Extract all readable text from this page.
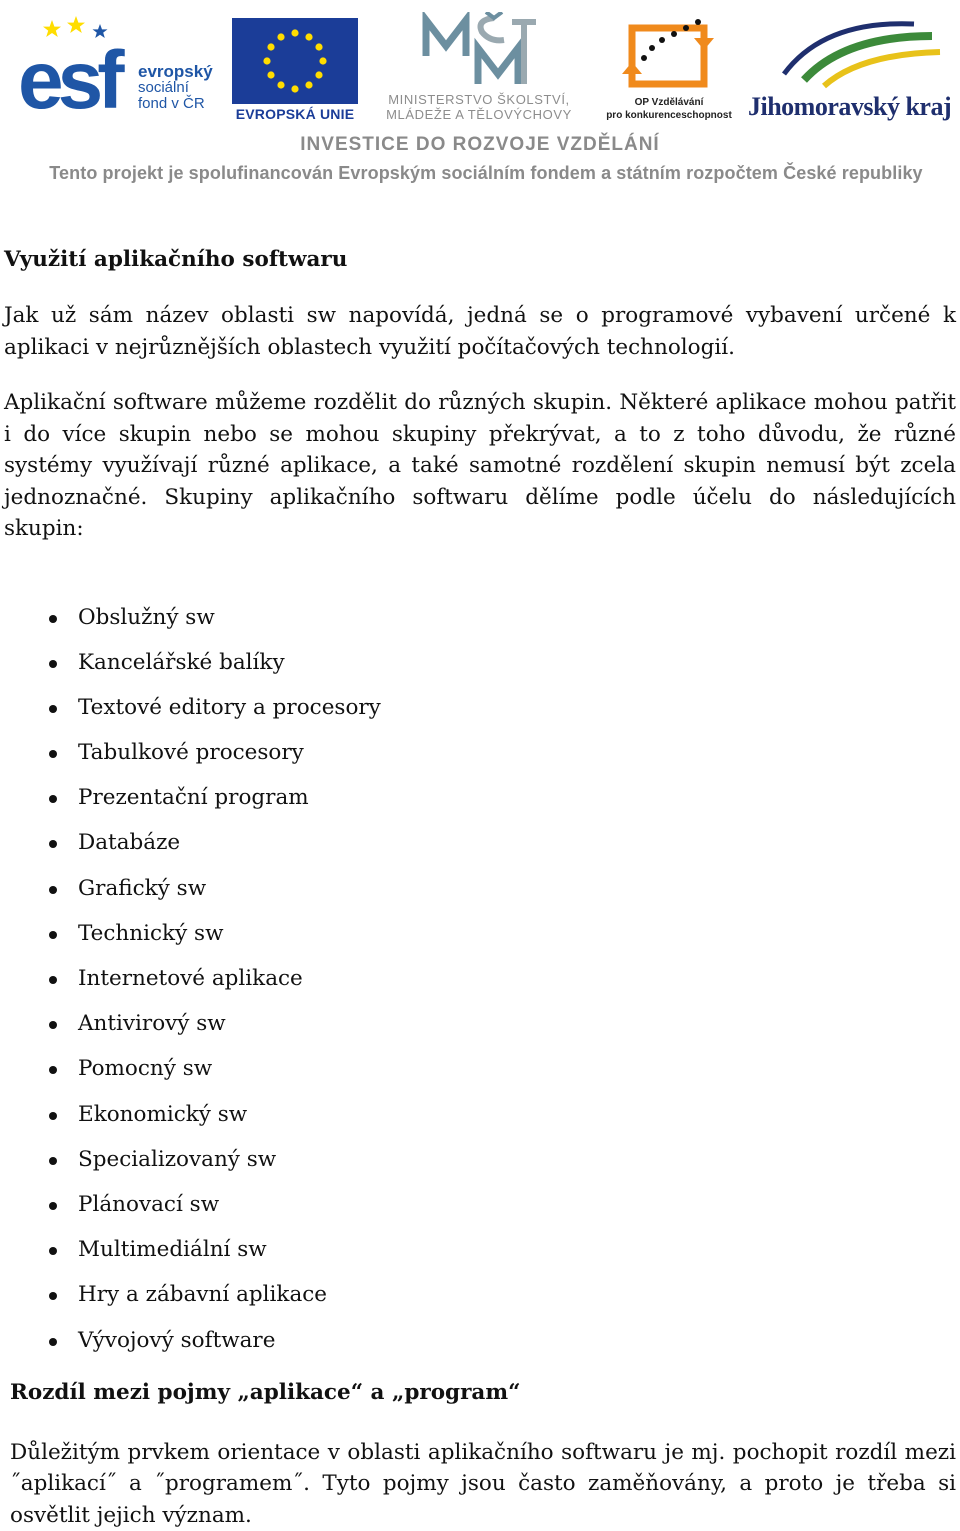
esf evropský
sociální
fond v ČR
EVROPSKÁ UNIE
MINISTERSTVO ŠKOLSTVÍ,
MLÁDEŽE A TĚLOVÝCHOVY
OP Vzdělávání
pro konkurenceschopnost Jihomoravský kraj
INVESTICE DO ROZVOJE VZDĚLÁNÍ
Tento projekt je spolufinancován Evropským sociálním fondem a státním rozpočtem České republiky
Využití aplikačního softwaru

Jak už sám název oblasti sw napovídá, jedná se o programové vybavení určené k aplikaci v nejrůznějších oblastech využití počítačových technologií.

Aplikační software můžeme rozdělit do různých skupin. Některé aplikace mohou patřit i do více skupin nebo se mohou skupiny překrývat, a to z toho důvodu, že různé systémy využívají různé aplikace, a také samotné rozdělení skupin nemusí být zcela jednoznačné. Skupiny aplikačního softwaru dělíme podle účelu do následujících skupin:

Obslužný sw
Kancelářské balíky
Textové editory a procesory
Tabulkové procesory
Prezentační program
Databáze
Grafický sw
Technický sw
Internetové aplikace
Antivirový sw
Pomocný sw
Ekonomický sw
Specializovaný sw
Plánovací sw
Multimediální sw
Hry a zábavní aplikace
Vývojový software
Rozdíl mezi pojmy „aplikace“ a „program“

Důležitým prvkem orientace v oblasti aplikačního softwaru je mj. pochopit rozdíl mezi ˝aplikací˝ a ˝programem˝. Tyto pojmy jsou často zaměňovány, a proto je třeba si osvětlit jejich význam.
